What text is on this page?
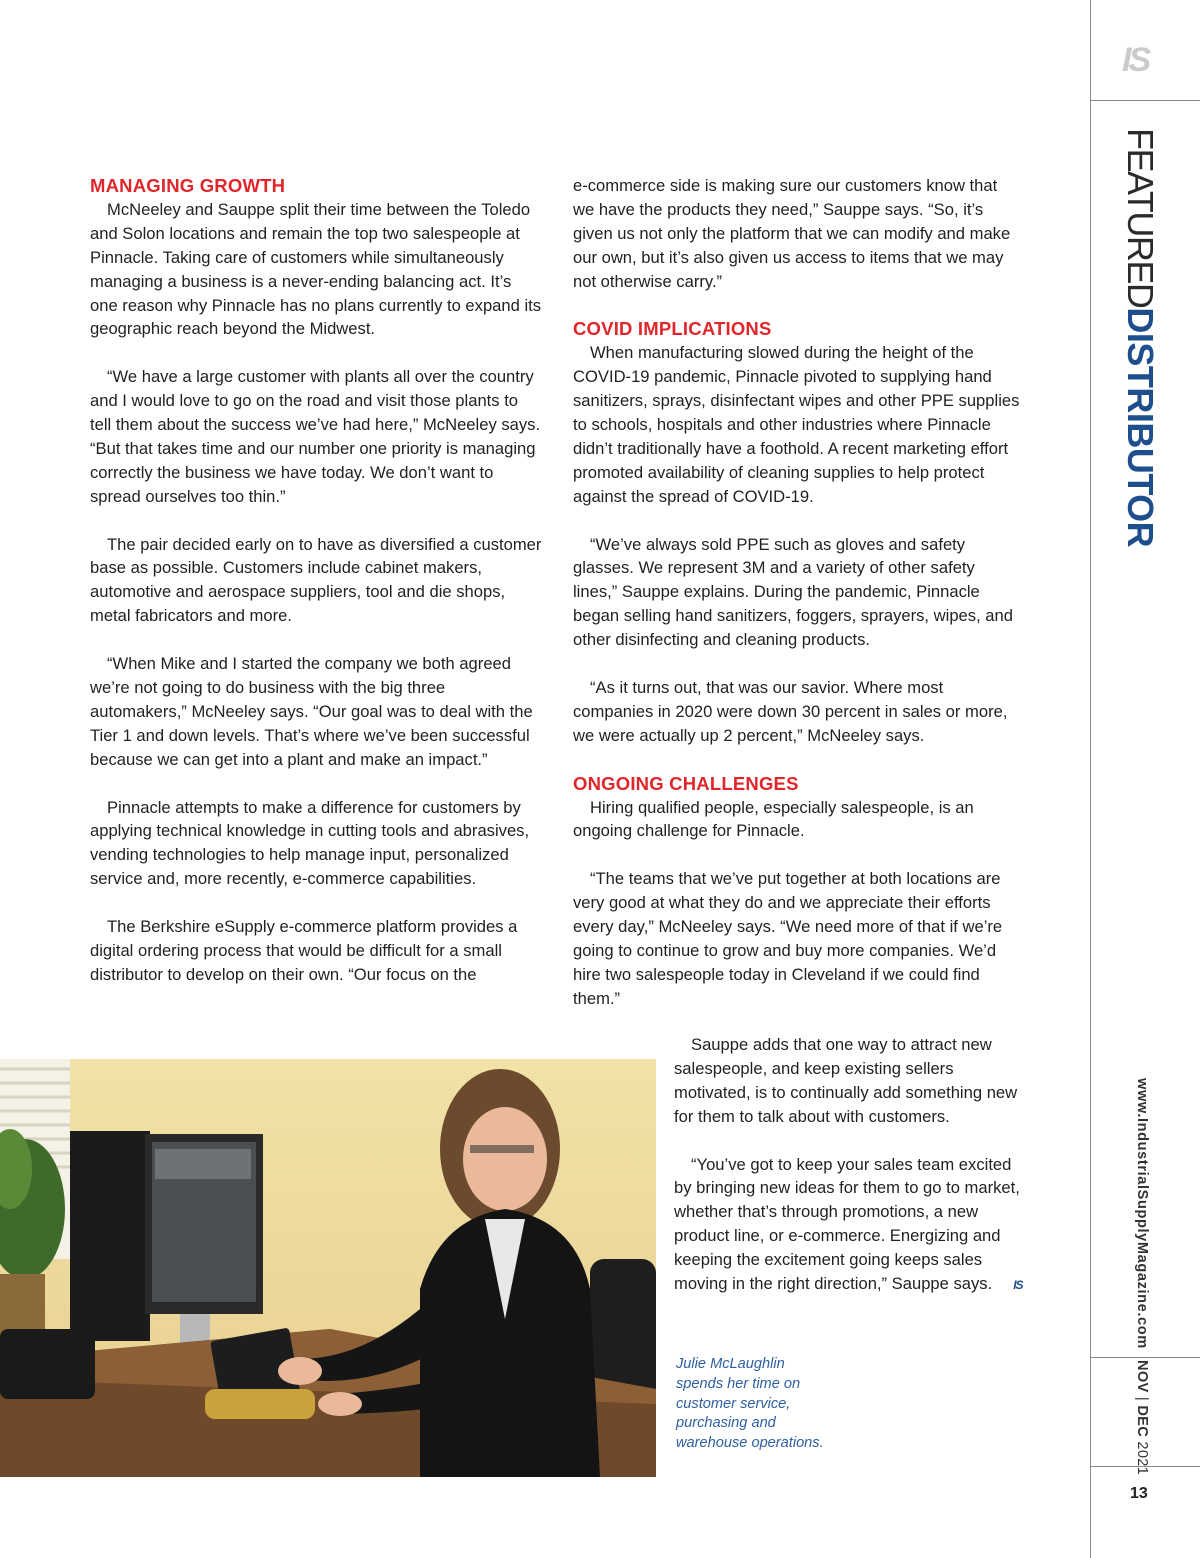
MANAGING GROWTH

McNeeley and Sauppe split their time between the Toledo and Solon locations and remain the top two salespeople at Pinnacle. Taking care of customers while simultaneously managing a business is a never-ending balancing act. It’s one reason why Pinnacle has no plans currently to expand its geographic reach beyond the Midwest.

“We have a large customer with plants all over the country and I would love to go on the road and visit those plants to tell them about the success we’ve had here,” McNeeley says. “But that takes time and our number one priority is managing correctly the business we have today. We don’t want to spread ourselves too thin.”

The pair decided early on to have as diversified a customer base as possible. Customers include cabinet makers, automotive and aerospace suppliers, tool and die shops, metal fabricators and more.

“When Mike and I started the company we both agreed we’re not going to do business with the big three automakers,” McNeeley says. “Our goal was to deal with the Tier 1 and down levels. That’s where we’ve been successful because we can get into a plant and make an impact.”

Pinnacle attempts to make a difference for customers by applying technical knowledge in cutting tools and abrasives, vending technologies to help manage input, personalized service and, more recently, e-commerce capabilities.

The Berkshire eSupply e-commerce platform provides a digital ordering process that would be difficult for a small distributor to develop on their own. “Our focus on the

e-commerce side is making sure our customers know that we have the products they need,” Sauppe says. “So, it’s given us not only the platform that we can modify and make our own, but it’s also given us access to items that we may not otherwise carry.”

COVID IMPLICATIONS

When manufacturing slowed during the height of the COVID-19 pandemic, Pinnacle pivoted to supplying hand sanitizers, sprays, disinfectant wipes and other PPE supplies to schools, hospitals and other industries where Pinnacle didn’t traditionally have a foothold. A recent marketing effort promoted availability of cleaning supplies to help protect against the spread of COVID-19.

“We’ve always sold PPE such as gloves and safety glasses. We represent 3M and a variety of other safety lines,” Sauppe explains. During the pandemic, Pinnacle began selling hand sanitizers, foggers, sprayers, wipes, and other disinfecting and cleaning products.

“As it turns out, that was our savior. Where most companies in 2020 were down 30 percent in sales or more, we were actually up 2 percent,” McNeeley says.

ONGOING CHALLENGES

Hiring qualified people, especially salespeople, is an ongoing challenge for Pinnacle.

“The teams that we’ve put together at both locations are very good at what they do and we appreciate their efforts every day,” McNeeley says. “We need more of that if we’re going to continue to grow and buy more companies. We’d hire two salespeople today in Cleveland if we could find them.”

Sauppe adds that one way to attract new salespeople, and keep existing sellers motivated, is to continually add something new for them to talk about with customers.

“You’ve got to keep your sales team excited by bringing new ideas for them to go to market, whether that’s through promotions, a new product line, or e-commerce. Energizing and keeping the excitement going keeps sales moving in the right direction,” Sauppe says. IS

Julie McLaughlin spends her time on customer service, purchasing and warehouse operations.
IS
FEATUREDDISTRIBUTOR
www.IndustrialSupplyMagazine.com
NOV | DEC 2021
13
